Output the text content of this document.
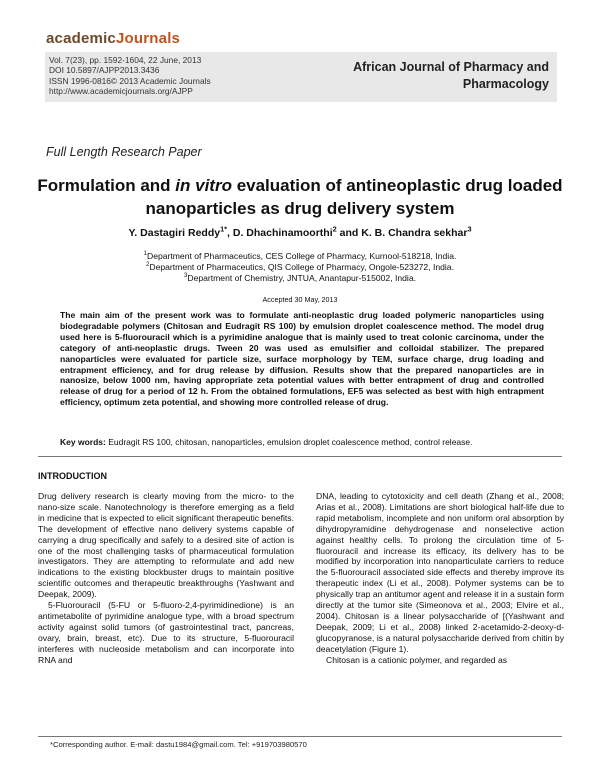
academicJournals
Vol. 7(23), pp. 1592-1604, 22 June, 2013
DOI 10.5897/AJPP2013.3436
ISSN 1996-0816© 2013 Academic Journals
http://www.academicjournals.org/AJPP
African Journal of Pharmacy and Pharmacology
Full Length Research Paper
Formulation and in vitro evaluation of antineoplastic drug loaded nanoparticles as drug delivery system
Y. Dastagiri Reddy$^{1*}$, D. Dhachinamoorthi$^2$ and K. B. Chandra sekhar$^3$
$^1$Department of Pharmaceutics, CES College of Pharmacy, Kurnool-518218, India.
$^2$Department of Pharmaceutics, QIS College of Pharmacy, Ongole-523272, India.
$^3$Department of Chemistry, JNTUA, Anantapur-515002, India.
Accepted 30 May, 2013
The main aim of the present work was to formulate anti-neoplastic drug loaded polymeric nanoparticles using biodegradable polymers (Chitosan and Eudragit RS 100) by emulsion droplet coalescence method. The model drug used here is 5-fluorouracil which is a pyrimidine analogue that is mainly used to treat colonic carcinoma, under the category of anti-neoplastic drugs. Tween 20 was used as emulsifier and colloidal stabilizer. The prepared nanoparticles were evaluated for particle size, surface morphology by TEM, surface charge, drug loading and entrapment efficiency, and for drug release by diffusion. Results show that the prepared nanoparticles are in nanosize, below 1000 nm, having appropriate zeta potential values with better entrapment of drug and controlled release of drug for a period of 12 h. From the obtained formulations, EF5 was selected as best with high entrapment efficiency, optimum zeta potential, and showing more controlled release of drug.
Key words: Eudragit RS 100, chitosan, nanoparticles, emulsion droplet coalescence method, control release.
INTRODUCTION

Drug delivery research is clearly moving from the micro- to the nano-size scale. Nanotechnology is therefore emerging as a field in medicine that is expected to elicit significant therapeutic benefits. The development of effective nano delivery systems capable of carrying a drug specifically and safely to a desired site of action is one of the most challenging tasks of pharmaceutical formulation investigators. They are attempting to reformulate and add new indications to the existing blockbuster drugs to maintain positive scientific outcomes and therapeutic breakthroughs (Yashwant and Deepak, 2009).

5-Fluorouracil (5-FU or 5-fluoro-2,4-pyrimidinedione) is an antimetabolite of pyrimidine analogue type, with a broad spectrum activity against solid tumors (of gastrointestinal tract, pancreas, ovary, brain, breast, etc). Due to its structure, 5-fluorouracil interferes with nucleoside metabolism and can incorporate into RNA and

DNA, leading to cytotoxicity and cell death (Zhang et al., 2008; Arias et al., 2008). Limitations are short biological half-life due to rapid metabolism, incomplete and non uniform oral absorption by dihydropyramidine dehydrogenase and nonselective action against healthy cells. To prolong the circulation time of 5-fluorouracil and increase its efficacy, its delivery has to be modified by incorporation into nanoparticulate carriers to reduce the 5-fluorouracil associated side effects and thereby improve its therapeutic index (Li et al., 2008). Polymer systems can be to physically trap an antitumor agent and release it in a sustain form directly at the tumor site (Simeonova et al., 2003; Elvire et al., 2004). Chitosan is a linear polysaccharide of [(Yashwant and Deepak, 2009; Li et al., 2008) linked 2-acetamido-2-deoxy-d-glucopyranose, is a natural polysaccharide derived from chitin by deacetylation (Figure 1).

Chitosan is a cationic polymer, and regarded as

*Corresponding author. E-mail: dastu1984@gmail.com. Tel: +919703980570
